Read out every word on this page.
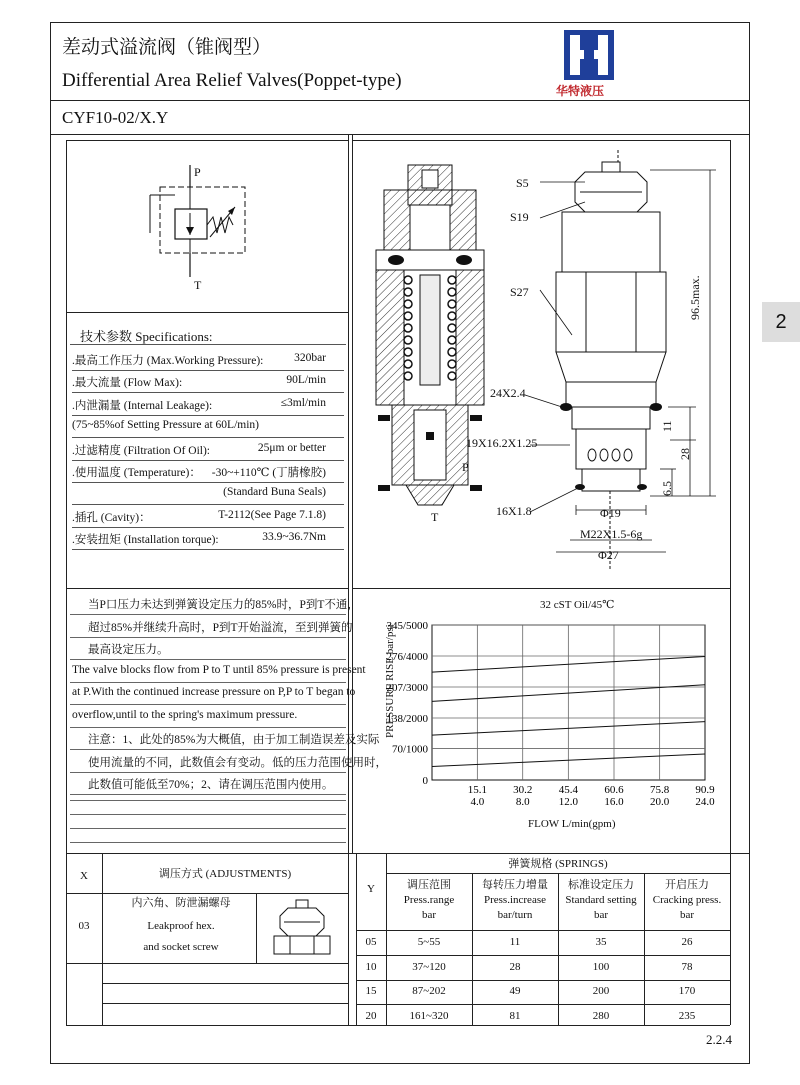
差动式溢流阀（锥阀型）
Differential Area Relief Valves(Poppet-type)
CYF10-02/X.Y
华特液压
2
P
T
P
T
S5
S19
S27
24X2.4
19X16.2X1.25
16X1.8	Φ19
M22X1.5-6g
Φ27
96.5max.
11
28
6.5
技术参数 Specifications:
.最高工作压力 (Max.Working Pressure):	320bar
.最大流量 (Flow Max):	90L/min
.内泄漏量 (Internal Leakage):	≤3ml/min
(75~85%of Setting Pressure at 60L/min)
.过滤精度 (Filtration Of Oil):	25μm or better
.使用温度 (Temperature)： -30~+110℃ (丁腈橡胶)
(Standard Buna Seals)
.插孔 (Cavity)：	T-2112(See Page 7.1.8)
.安装扭矩 (Installation torque):	33.9~36.7Nm
当P口压力未达到弹簧设定压力的85%时，P到T不通，
超过85%并继续升高时，P到T开始溢流，至到弹簧的
最高设定压力。
The valve blocks flow from P to T until 85% pressure is present
at P.With the continued increase pressure on P,P to T began to
overflow,until to the spring's maximum pressure.
注意：1、此处的85%为大概值，由于加工制造误差及实际
使用流量的不同，此数值会有变动。低的压力范围使用时，
此数值可能低至70%；2、请在调压范围内使用。
32 cST Oil/45℃
0
70/1000
138/2000
207/3000
276/4000
345/5000
15.1
4.0
30.2
8.0
45.4
12.0
60.6
16.0
75.8
20.0
90.9
24.0
PRESSURE RISE bar/psi
FLOW L/min(gpm)
X	调压方式 (ADJUSTMENTS)
03
内六角、防泄漏螺母
Leakproof hex.
and socket screw
弹簧规格 (SPRINGS)
Y	调压范围
Press.range
bar
每转压力增量
Press.increase
bar/turn
标准设定压力
Standard setting
bar
开启压力
Cracking press.
bar
05	5~55	11	35	26
10	37~120	28	100	78
15	87~202	49	200	170
20	161~320	81	280	235
2.2.4
